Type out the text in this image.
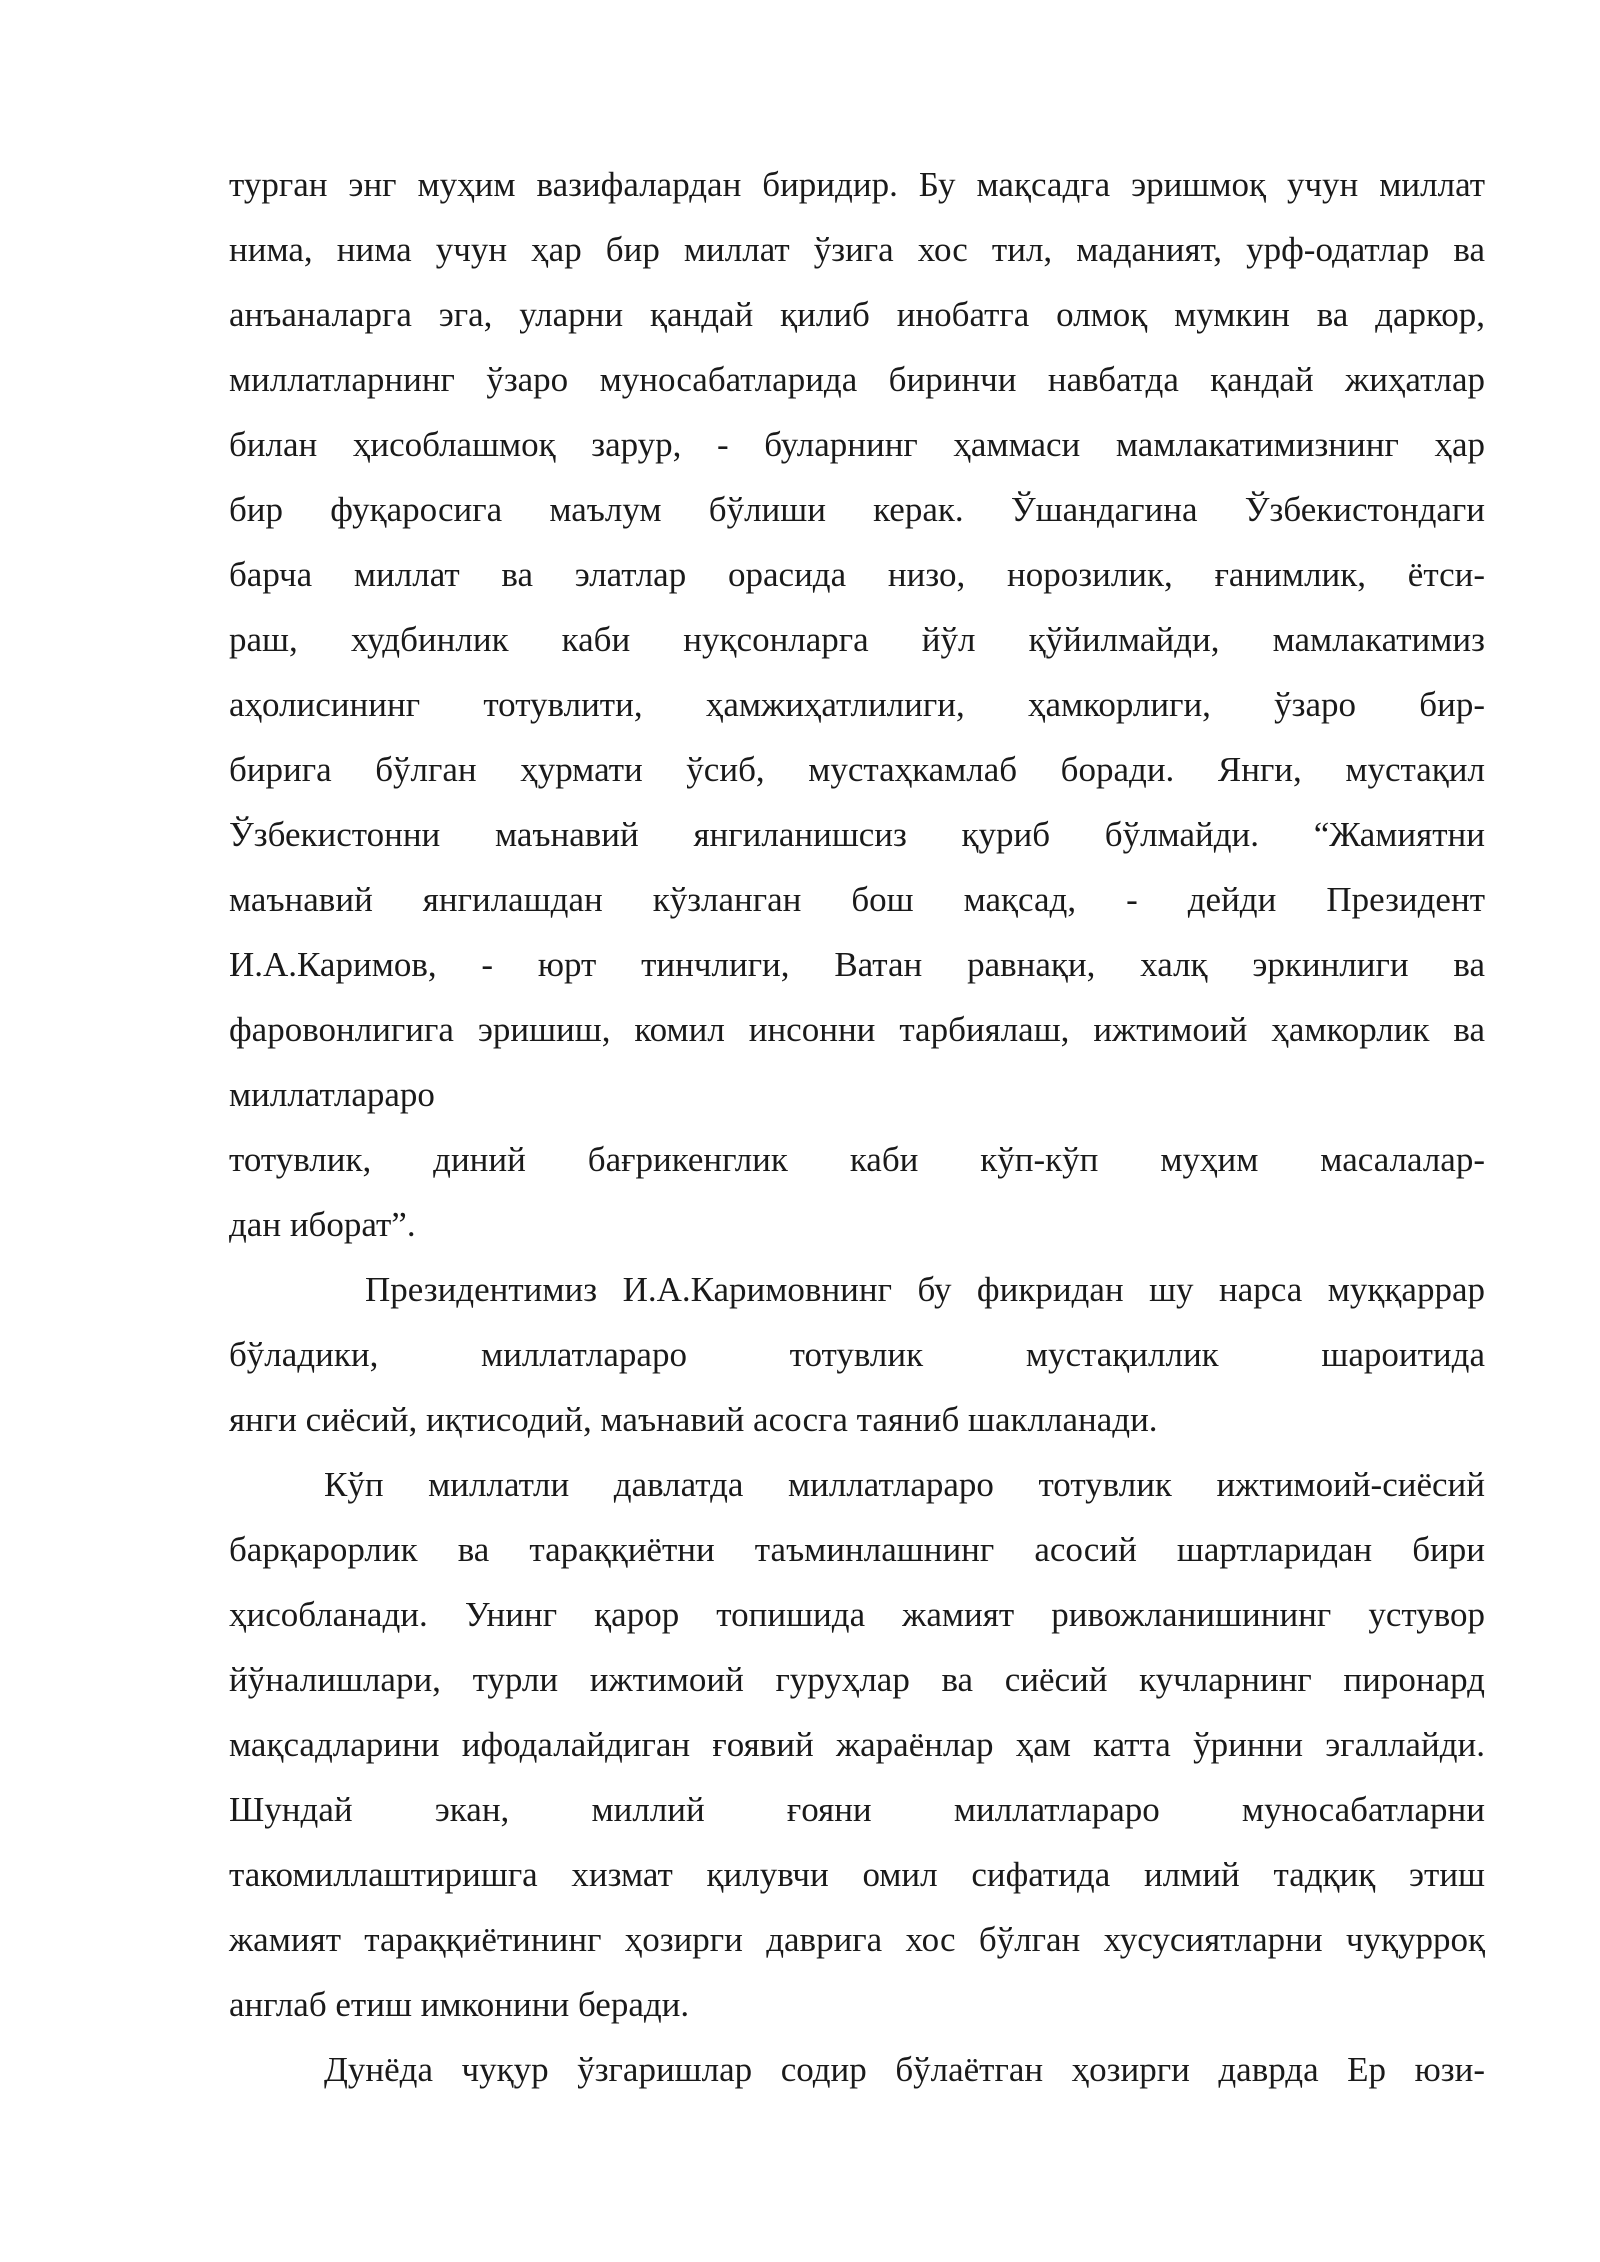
турган энг муҳим вазифалардан биридир. Бу мақсадга эришмоқ учун миллат

нима, нима учун ҳар бир миллат ўзига хос тил, маданият, урф-одатлар ва

анъаналарга эга, уларни қандай қилиб инобатга олмоқ мумкин ва даркор,

миллатларнинг ўзаро муносабатларида биринчи навбатда қандай жиҳатлар

билан ҳисоблашмоқ зарур, - буларнинг ҳаммаси мамлакатимизнинг ҳар

бир фуқаросига маълум бўлиши керак. Ўшандагина Ўзбекистондаги

барча миллат ва элатлар орасида низо, норозилик, ғанимлик, ётси-

раш, худбинлик каби нуқсонларга йўл қўйилмайди, мамлакатимиз

аҳолисининг тотувлити, ҳамжиҳатлилиги, ҳамкорлиги, ўзаро бир-

бирига бўлган ҳурмати ўсиб, мустаҳкамлаб боради. Янги, мустақил

Ўзбекистонни маънавий янгиланишсиз қуриб бўлмайди. “Жамиятни

маънавий янгилашдан кўзланган бош мақсад, - дейди Президент

И.А.Каримов, - юрт тинчлиги, Ватан равнақи, халқ эркинлиги ва

фаровонлигига эришиш, комил инсонни тарбиялаш, ижтимоий ҳамкорлик ва

миллатлараро

тотувлик, диний бағрикенглик каби кўп-кўп муҳим масалалар-

дан иборат”.

Президентимиз И.А.Каримовнинг бу фикридан шу нарса муққаррар

бўладики, миллатлараро тотувлик мустақиллик шароитида

янги сиёсий, иқтисодий, маънавий асосга таяниб шаклланади.

Кўп миллатли давлатда миллатлараро тотувлик ижтимоий-сиёсий

барқарорлик ва тараққиётни таъминлашнинг асосий шартларидан бири

ҳисобланади. Унинг қарор топишида жамият ривожланишининг устувор

йўналишлари, турли ижтимоий гуруҳлар ва сиёсий кучларнинг пиронард

мақсадларини ифодалайдиган ғоявий жараёнлар ҳам катта ўринни эгаллайди.

Шундай экан, миллий ғояни миллатлараро муносабатларни

такомиллаштиришга хизмат қилувчи омил сифатида илмий тадқиқ этиш

жамият тараққиётининг ҳозирги даврига хос бўлган хусусиятларни чуқурроқ

англаб етиш имконини беради.

Дунёда чуқур ўзгаришлар содир бўлаётган ҳозирги даврда Ер юзи-
